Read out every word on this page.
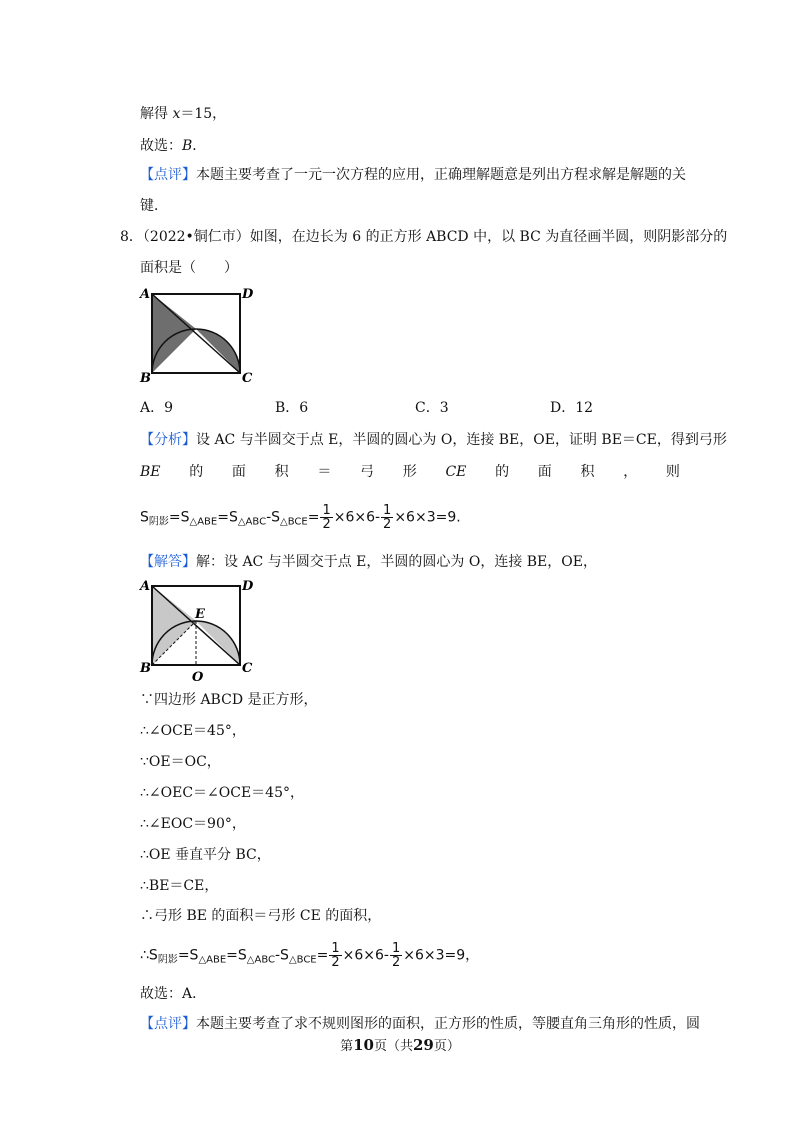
解得 x＝15，
故选：B．
【点评】本题主要考查了一元一次方程的应用，正确理解题意是列出方程求解是解题的关
键．
8．（2022•铜仁市）如图，在边长为 6 的正方形 ABCD 中，以 BC 为直径画半圆，则阴影部分的
面积是（　　）
A	D
B	C
A．9	B．6	C．3	D．12
【分析】设 AC 与半圆交于点 E，半圆的圆心为 O，连接 BE，OE，证明 BE＝CE，得到弓形
BE 的 面 积 ＝ 弓 形 CE 的 面 积 ， 则
$S_{阴影}=S_{\triangle ABE}=S_{\triangle ABC}-S_{\triangle BCE}= \frac{1}{2} \times 6\times 6- \frac{1}{2} \times 6\times 3=9$.
【解答】解：设 AC 与半圆交于点 E，半圆的圆心为 O，连接 BE，OE，
A	D
E
B
O
C
∵四边形 ABCD 是正方形，
∴∠OCE＝45°，
∵OE＝OC，
∴∠OEC＝∠OCE＝45°，
∴∠EOC＝90°，
∴OE 垂直平分 BC，
∴BE＝CE，
∴弓形 BE 的面积＝弓形 CE 的面积，
$\therefore S_{阴影}=S_{\triangle ABE}=S_{\triangle ABC}-S_{\triangle BCE}= \frac{1}{2} \times 6\times 6- \frac{1}{2} \times 6\times 3=9$，
故选：A．
【点评】本题主要考查了求不规则图形的面积，正方形的性质，等腰直角三角形的性质，圆
第10页（共29页）
